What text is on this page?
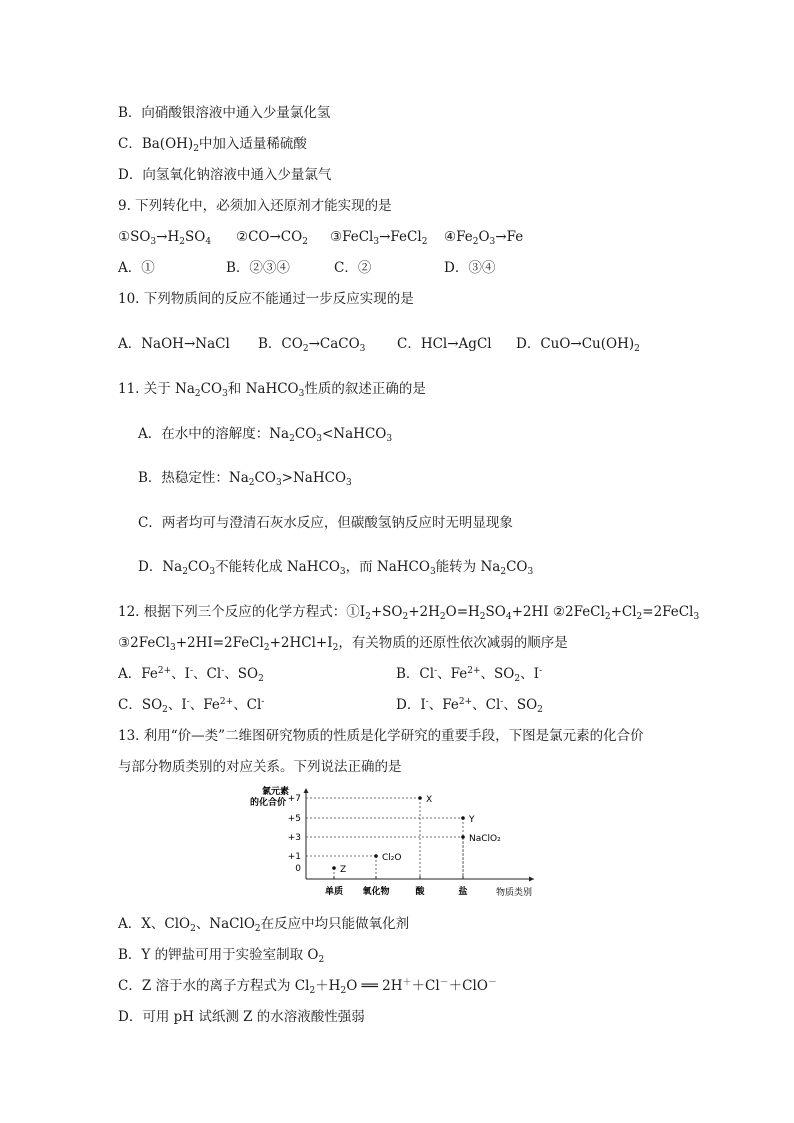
B．向硝酸银溶液中通入少量氯化氢
C．$Ba(OH)_2$中加入适量稀硫酸
D．向氢氧化钠溶液中通入少量氯气
9. 下列转化中，必须加入还原剂才能实现的是
$①SO_3\to H_2SO_4$ $②CO\to CO_2$ ③FeCl$_3$→FeCl$_2$ $④Fe_2O_3\to Fe$
A．①	B．②③④	C．②	D．③④
10. 下列物质间的反应不能通过一步反应实现的是
A．NaOH→NaCl B．$CO_2\to CaCO_3$ C．HCl→AgCl D．$CuO\to Cu(OH)_2$
11. 关于 $Na_2CO_3$和 NaHCO$_3$性质的叙述正确的是
A．在水中的溶解度：$Na_2CO_3<NaHCO_3$
B．热稳定性：$Na_2CO_3>NaHCO_3$
C．两者均可与澄清石灰水反应，但碳酸氢钠反应时无明显现象
D．$Na_2CO_3$不能转化成 NaHCO$_3$，而 NaHCO$_3$能转为 $Na_2CO_3$
12. 根据下列三个反应的化学方程式：$①I_2+SO_2+2H_2O=H_2SO_4+2HI$ $②2FeCl_2+Cl_2=2FeCl_3$
$③2FeCl_3+2HI=2FeCl_2+2HCl+I_2$，有关物质的还原性依次减弱的顺序是
A．$Fe^{2+}$、I-、Cl-、$SO_2$	B．Cl-、$Fe^{2+}$、$SO_2$、I-
C．$SO_2$、I-、$Fe^{2+}$、Cl-	D．I-、$Fe^{2+}$、Cl-、$SO_2$
13. 利用“价—类”二维图研究物质的性质是化学研究的重要手段，下图是氯元素的化合价
与部分物质类别的对应关系。下列说法正确的是
+7
+5
+3
+1
0
单质 氧化物	酸	盐
Z
Cl₂O
X
Y
NaClO₂
氯元素
的化合价
物质类别
A．X、ClO$_2$、NaClO$_2$在反应中均只能做氧化剂
B．Y 的钾盐可用于实验室制取 $O_2$
C．Z 溶于水的离子方程式为 $Cl_2+H_2O$ ══ 2H＋＋Cl－＋ClO－
D．可用 pH 试纸测 Z 的水溶液酸性强弱
